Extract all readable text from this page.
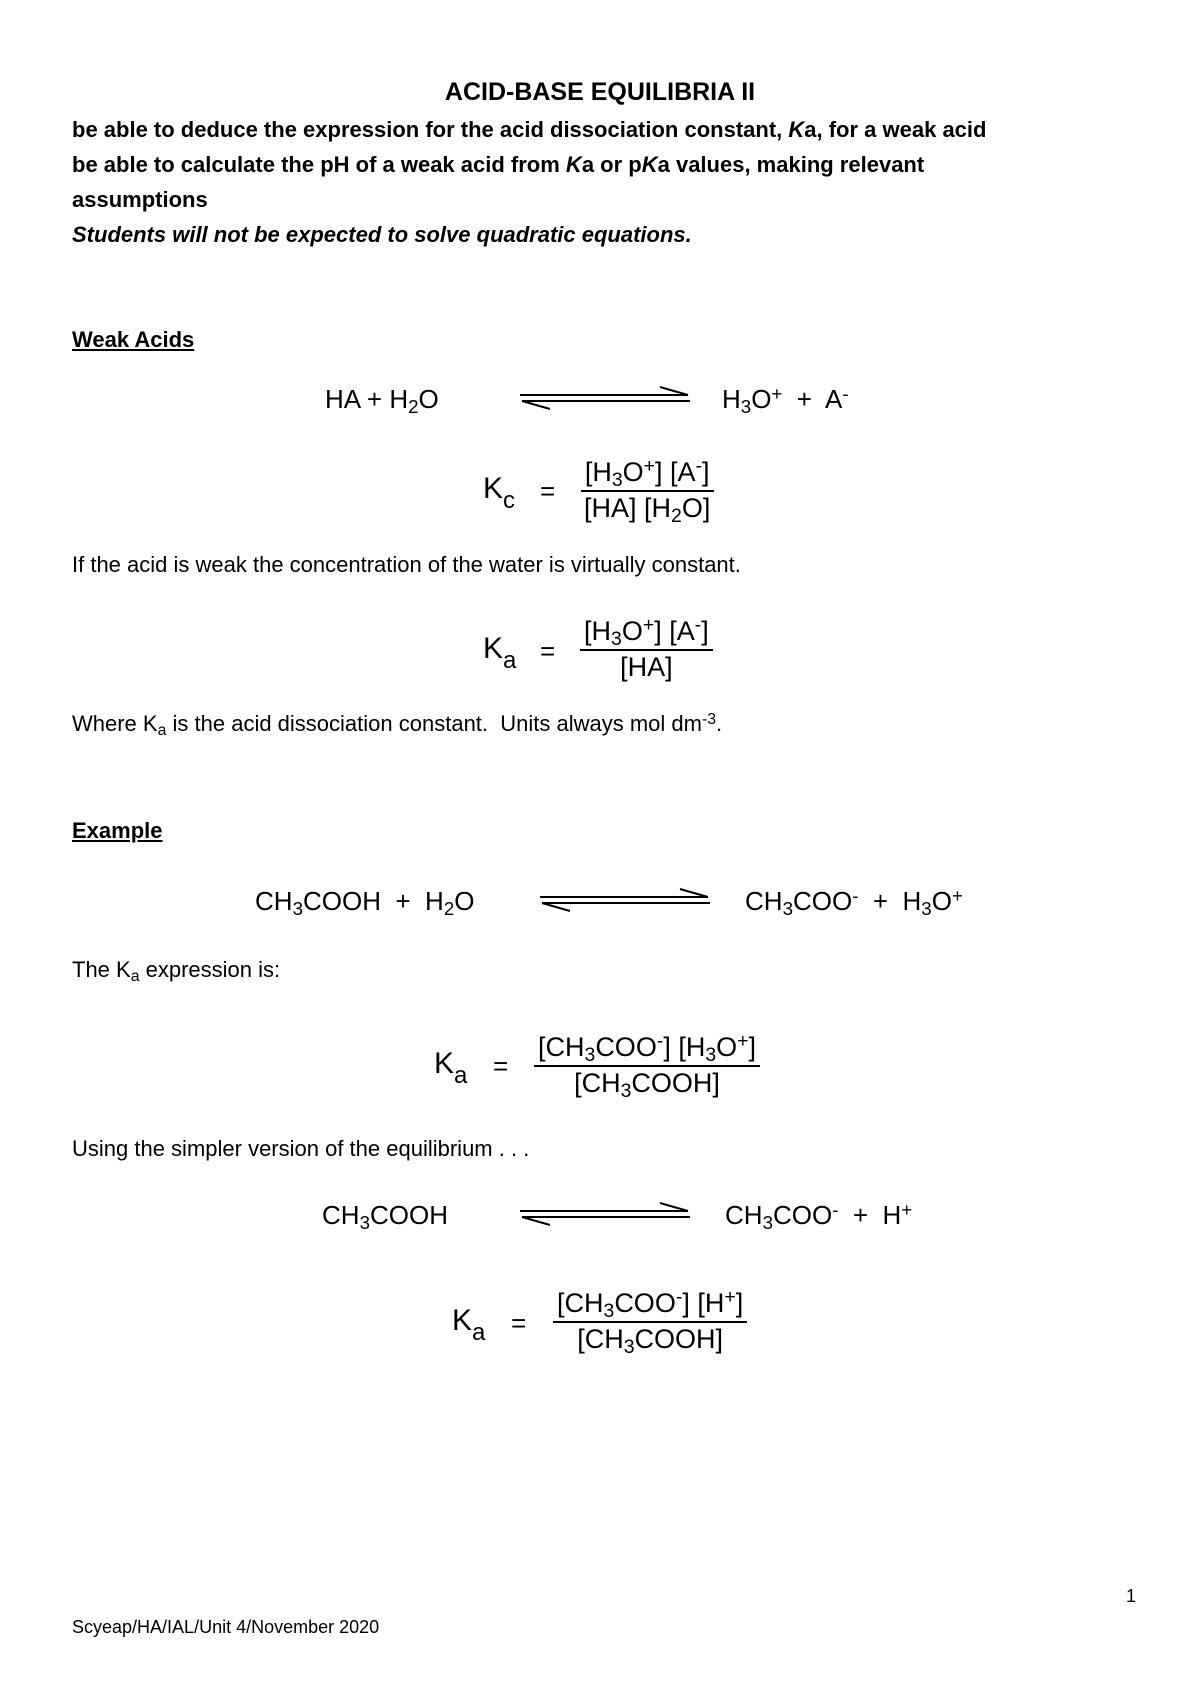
ACID-BASE EQUILIBRIA II
be able to deduce the expression for the acid dissociation constant, Ka, for a weak acid
be able to calculate the pH of a weak acid from Ka or pKa values, making relevant
assumptions
Students will not be expected to solve quadratic equations.
Weak Acids
HA + $H_2O$	$H_3O^+ + A^-$
$K_c = \frac{[H_3O^+] [A^-]}{[HA] [H_2O]}$
If the acid is weak the concentration of the water is virtually constant.
$K_a = \frac{[H_3O^+] [A^-]}{[HA]}$
Where $K_a$ is the acid dissociation constant.  Units always mol $dm^{-3}$.
Example
$CH_3COOH + H_2O$	$CH_3COO^- + H_3O^+$
The $K_a$ expression is:
$K_a$ =
$[CH_3COO^-]$ $[H_3O^+]$
$[CH_3COOH]$
Using the simpler version of the equilibrium . . .
$CH_3COOH$	$CH_3COO^- + H^+$
$K_a$ =
$[CH_3COO^-]$ [H+]
$[CH_3COOH]$
1
Scyeap/HA/IAL/Unit 4/November 2020
